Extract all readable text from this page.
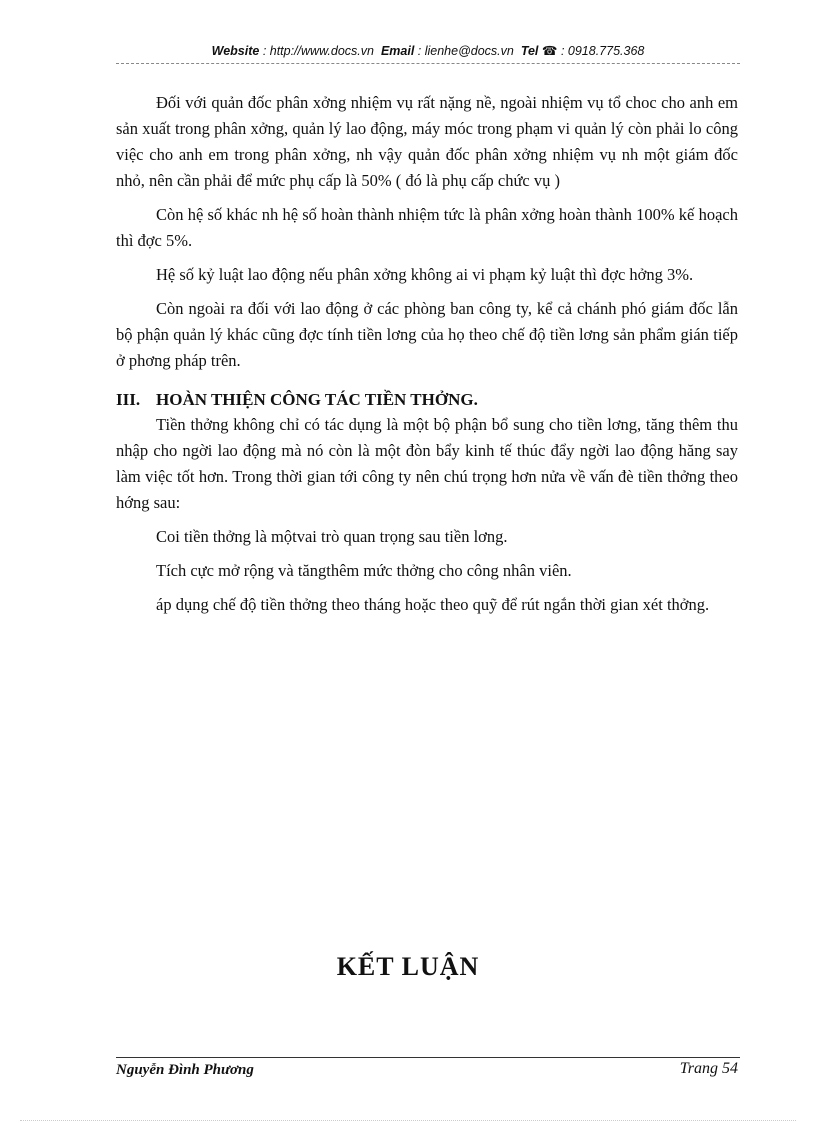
Website : http://www.docs.vn Email : lienhe@docs.vn Tel ☎ : 0918.775.368

Đối với quản đốc phân xởng nhiệm vụ rất nặng nề, ngoài nhiệm vụ tổ choc cho anh em sản xuất trong phân xởng, quản lý lao động, máy móc trong phạm vi quản lý còn phải lo công việc cho anh em trong phân xởng, nh vậy quản đốc phân xởng nhiệm vụ nh một giám đốc nhỏ, nên cần phải để mức phụ cấp là 50% ( đó là phụ cấp chức vụ )

Còn hệ số khác nh hệ số hoàn thành nhiệm tức là phân xởng hoàn thành 100% kế hoạch thì đợc 5%.

Hệ số kỷ luật lao động nếu phân xởng không ai vi phạm kỷ luật thì đợc hởng 3%.

Còn ngoài ra đối với lao động ở các phòng ban công ty, kể cả chánh phó giám đốc lẫn bộ phận quản lý khác cũng đợc tính tiền lơng của họ theo chế độ tiền lơng sản phẩm gián tiếp ở phơng pháp trên.

III. HOÀN THIỆN CÔNG TÁC TIỀN THỞNG.

Tiền thởng không chỉ có tác dụng là một bộ phận bổ sung cho tiền lơng, tăng thêm thu nhập cho ngời lao động mà nó còn là một đòn bẩy kinh tế thúc đẩy ngời lao động hăng say làm việc tốt hơn. Trong thời gian tới công ty nên chú trọng hơn nửa về vấn đè tiền thởng theo hớng sau:

Coi tiền thởng là mộtvai trò quan trọng sau tiền lơng.

Tích cực mở rộng và tăngthêm mức thởng cho công nhân viên.

áp dụng chế độ tiền thởng theo tháng hoặc theo quỹ để rút ngắn thời gian xét thởng.

KẾT LUẬN
Nguyễn Đình Phương	Trang 54
